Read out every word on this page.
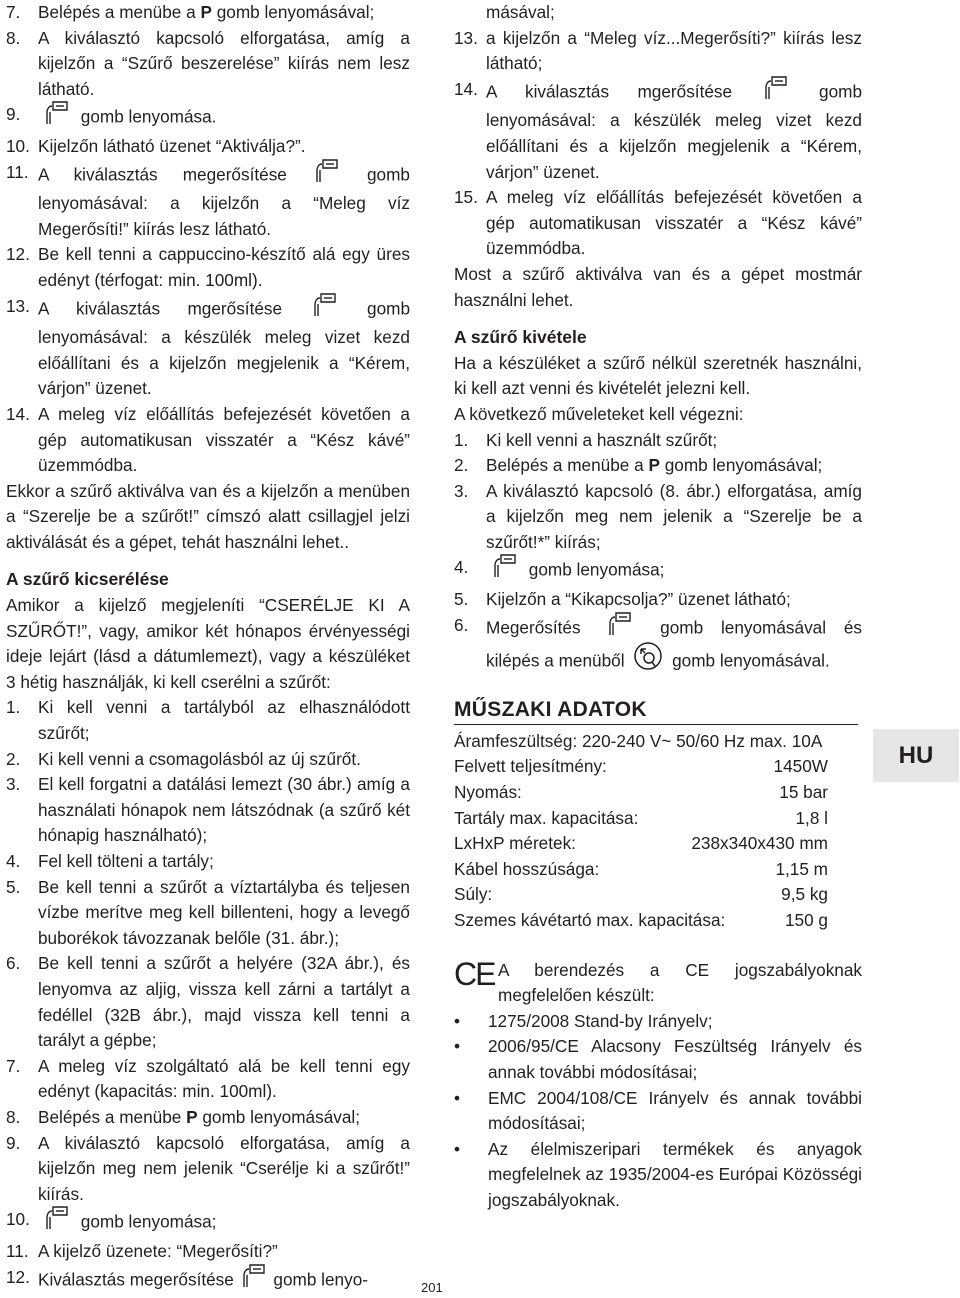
7. Belépés a menübe a P gomb lenyomásával;
8. A kiválasztó kapcsoló elforgatása, amíg a kijelzőn a “Szűrő beszerelése” kiírás nem lesz látható.
9.	gomb lenyomása.
10. Kijelzőn látható üzenet “Aktiválja?”.
11. A kiválasztás megerősítése	gomb lenyomásával: a kijelzőn a “Meleg víz Megerősíti!” kiírás lesz látható.
12. Be kell tenni a cappuccino-készítő alá egy üres edényt (térfogat: min. 100ml).
13. A kiválasztás mgerősítése	gomb lenyomásával: a készülék meleg vizet kezd előállítani és a kijelzőn megjelenik a “Kérem, várjon” üzenet.
14. A meleg víz előállítás befejezését követően a gép automatikusan visszatér a “Kész kávé” üzemmódba.
Ekkor a szűrő aktiválva van és a kijelzőn a menüben a “Szerelje be a szűrőt!” címszó alatt csillagjel jelzi aktiválását és a gépet, tehát használni lehet..
A szűrő kicserélése
Amikor a kijelző megjeleníti “CSERÉLJE KI A SZŰRŐT!”, vagy, amikor két hónapos érvényességi ideje lejárt (lásd a dátumlemezt), vagy a készüléket 3 hétig használják, ki kell cserélni a szűrőt:
1. Ki kell venni a tartályból az elhasználódott szűrőt;
2. Ki kell venni a csomagolásból az új szűrőt.
3. El kell forgatni a datálási lemezt (30 ábr.) amíg a használati hónapok nem látszódnak (a szűrő két hónapig használható);
4. Fel kell tölteni a tartály;
5. Be kell tenni a szűrőt a víztartályba és teljesen vízbe merítve meg kell billenteni, hogy a levegő buborékok távozzanak belőle (31. ábr.);
6. Be kell tenni a szűrőt a helyére (32A ábr.), és lenyomva az aljig, vissza kell zárni a tartályt a fedéllel (32B ábr.), majd vissza kell tenni a tarályt a gépbe;
7. A meleg víz szolgáltató alá be kell tenni egy edényt (kapacitás: min. 100ml).
8. Belépés a menübe P gomb lenyomásával;
9. A kiválasztó kapcsoló elforgatása, amíg a kijelzőn meg nem jelenik “Cserélje ki a szűrőt!” kiírás.
10.	gomb lenyomása;
11. A kijelző üzenete: “Megerősíti?”
12. Kiválasztás megerősítése gomb lenyo-
másával;
13. a kijelzőn a “Meleg víz...Megerősíti?” kiírás lesz látható;
14. A kiválasztás mgerősítése	gomb lenyomásával: a készülék meleg vizet kezd előállítani és a kijelzőn megjelenik a “Kérem, várjon” üzenet.
15. A meleg víz előállítás befejezését követően a gép automatikusan visszatér a “Kész kávé” üzemmódba.
Most a szűrő aktiválva van és a gépet mostmár használni lehet.
A szűrő kivétele
Ha a készüléket a szűrő nélkül szeretnék használni, ki kell azt venni és kivételét jelezni kell.
A következő műveleteket kell végezni:
1. Ki kell venni a használt szűrőt;
2. Belépés a menübe a P gomb lenyomásával;
3. A kiválasztó kapcsoló (8. ábr.) elforgatása, amíg a kijelzőn meg nem jelenik a “Szerelje be a szűrőt!*” kiírás;
4.	gomb lenyomása;
5. Kijelzőn a “Kikapcsolja?” üzenet látható;
6. Megerősítés	gomb lenyomásával és kilépés a menüből	gomb lenyomásával.
MŰSZAKI ADATOK
Áramfeszültség: 220-240 V~ 50/60 Hz max. 10A
Felvett teljesítmény:	1450W
Nyomás:	15 bar
Tartály max. kapacitása:	1,8 l
LxHxP méretek:	238x340x430 mm
Kábel hosszúsága:	1,15 m
Súly:	9,5 kg
Szemes kávétartó max. kapacitása:	150 g
CE A berendezés a CE jogszabályoknak megfelelően készült:
• 1275/2008 Stand-by Irányelv;
• 2006/95/CE Alacsony Feszültség Irányelv és annak további módosításai;
• EMC 2004/108/CE Irányelv és annak további módosításai;
• Az élelmiszeripari termékek és anyagok megfelelnek az 1935/2004-es Európai Közösségi jogszabályoknak.
HU
201
